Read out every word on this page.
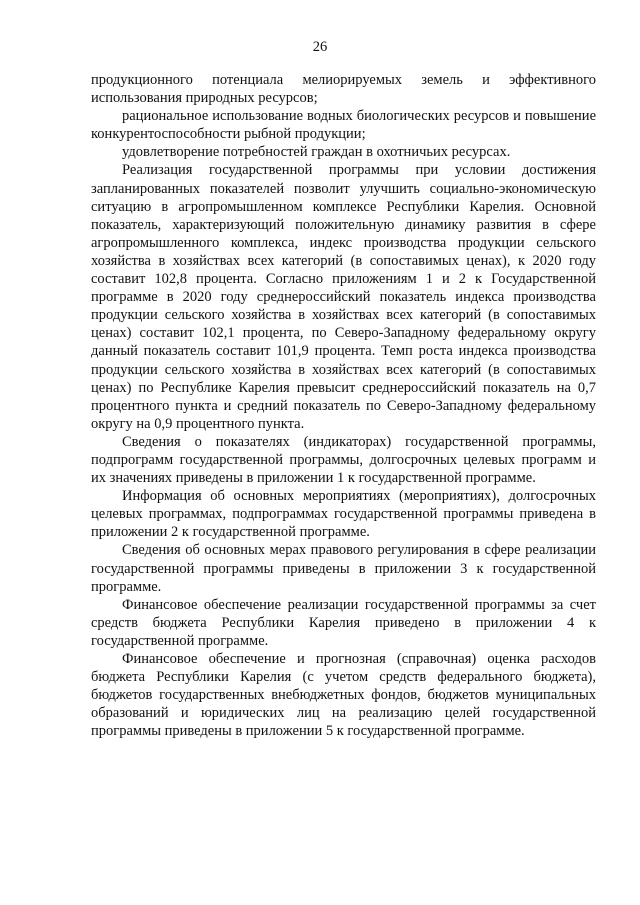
26

продукционного потенциала мелиорируемых земель и эффективного использования природных ресурсов;

рациональное использование водных биологических ресурсов и повышение конкурентоспособности рыбной продукции;

удовлетворение потребностей граждан в охотничьих ресурсах.

Реализация государственной программы при условии достижения запланированных показателей позволит улучшить социально-экономическую ситуацию в агропромышленном комплексе Республики Карелия. Основной показатель, характеризующий положительную динамику развития в сфере агропромышленного комплекса, индекс производства продукции сельского хозяйства в хозяйствах всех категорий (в сопоставимых ценах), к 2020 году составит 102,8 процента. Согласно приложениям 1 и 2 к Государственной программе в 2020 году среднероссийский показатель индекса производства продукции сельского хозяйства в хозяйствах всех категорий (в сопоставимых ценах) составит 102,1 процента, по Северо-Западному федеральному округу данный показатель составит 101,9 процента. Темп роста индекса производства продукции сельского хозяйства в хозяйствах всех категорий (в сопоставимых ценах) по Республике Карелия превысит среднероссийский показатель на 0,7 процентного пункта и средний показатель по Северо-Западному федеральному округу на 0,9 процентного пункта.

Сведения о показателях (индикаторах) государственной программы, подпрограмм государственной программы, долгосрочных целевых программ и их значениях приведены в приложении 1 к государственной программе.

Информация об основных мероприятиях (мероприятиях), долгосрочных целевых программах, подпрограммах государственной программы приведена в приложении 2 к государственной программе.

Сведения об основных мерах правового регулирования в сфере реализации государственной программы приведены в приложении 3 к государственной программе.

Финансовое обеспечение реализации государственной программы за счет средств бюджета Республики Карелия приведено в приложении 4 к государственной программе.

Финансовое обеспечение и прогнозная (справочная) оценка расходов бюджета Республики Карелия (с учетом средств федерального бюджета), бюджетов государственных внебюджетных фондов, бюджетов муниципальных образований и юридических лиц на реализацию целей государственной программы приведены в приложении 5 к государственной программе.
